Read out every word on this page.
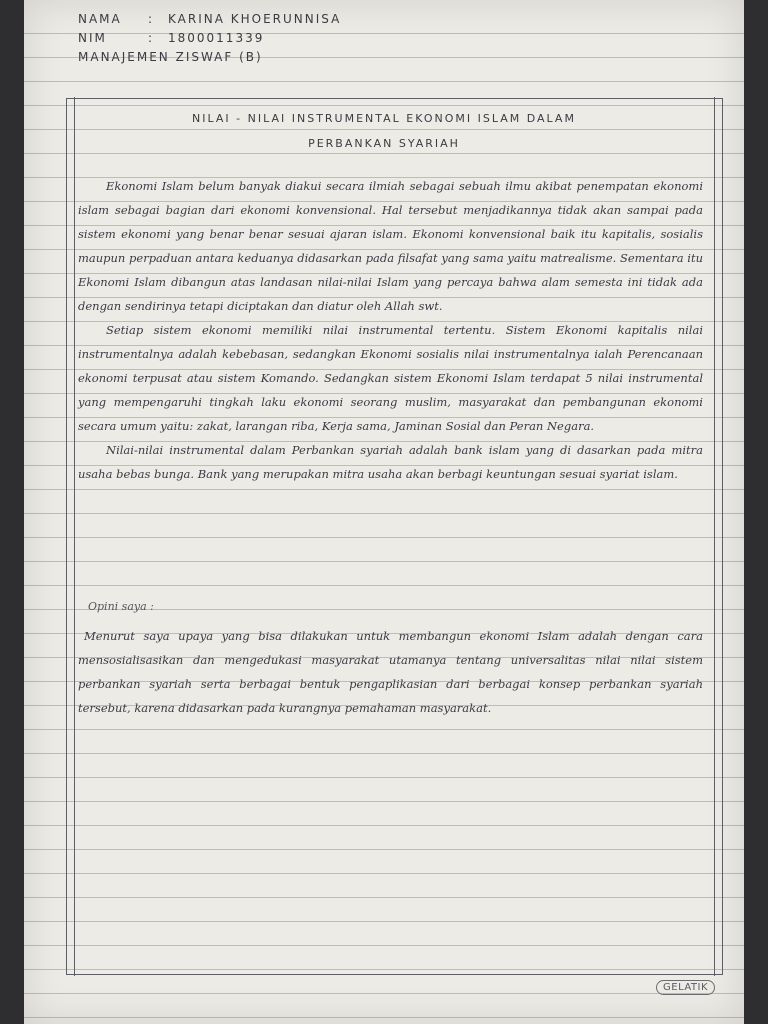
NAMA	:	KARINA KHOERUNNISA
NIM	:	1800011339
MANAJEMEN ZISWAF (B)
NILAI - NILAI INSTRUMENTAL EKONOMI ISLAM DALAM
PERBANKAN SYARIAH

Ekonomi Islam belum banyak diakui secara ilmiah sebagai sebuah ilmu akibat penempatan ekonomi islam sebagai bagian dari ekonomi konvensional. Hal tersebut menjadikannya tidak akan sampai pada sistem ekonomi yang benar benar sesuai ajaran islam. Ekonomi konvensional baik itu kapitalis, sosialis maupun perpaduan antara keduanya didasarkan pada filsafat yang sama yaitu matrealisme. Sementara itu Ekonomi Islam dibangun atas landasan nilai-nilai Islam yang percaya bahwa alam semesta ini tidak ada dengan sendirinya tetapi diciptakan dan diatur oleh Allah swt.

Setiap sistem ekonomi memiliki nilai instrumental tertentu. Sistem Ekonomi kapitalis nilai instrumentalnya adalah kebebasan, sedangkan Ekonomi sosialis nilai instrumentalnya ialah Perencanaan ekonomi terpusat atau sistem Komando. Sedangkan sistem Ekonomi Islam terdapat 5 nilai instrumental yang mempengaruhi tingkah laku ekonomi seorang muslim, masyarakat dan pembangunan ekonomi secara umum yaitu: zakat, larangan riba, Kerja sama, Jaminan Sosial dan Peran Negara.

Nilai-nilai instrumental dalam Perbankan syariah adalah bank islam yang di dasarkan pada mitra usaha bebas bunga. Bank yang merupakan mitra usaha akan berbagi keuntungan sesuai syariat islam.

Opini saya :

Menurut saya upaya yang bisa dilakukan untuk membangun ekonomi Islam adalah dengan cara mensosialisasikan dan mengedukasi masyarakat utamanya tentang universalitas nilai nilai sistem perbankan syariah serta berbagai bentuk pengaplikasian dari berbagai konsep perbankan syariah tersebut, karena didasarkan pada kurangnya pemahaman masyarakat.

GELATIK
